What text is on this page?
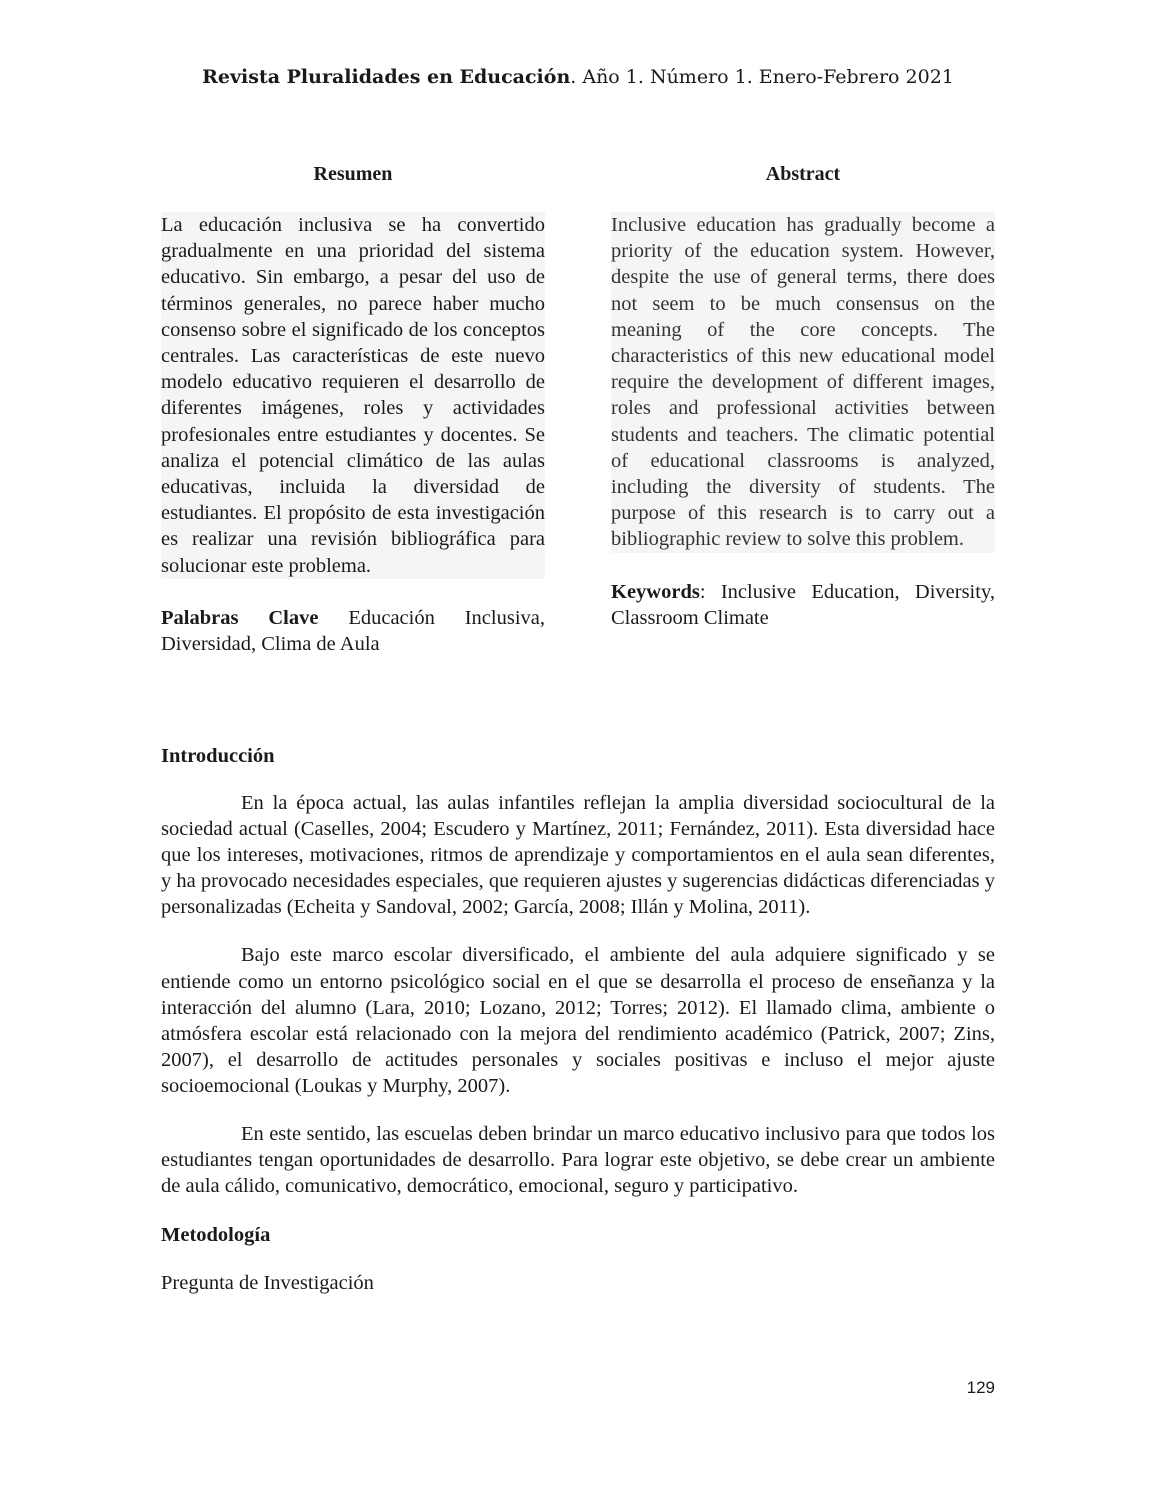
Revista Pluralidades en Educación. Año 1. Número 1. Enero-Febrero 2021
Resumen

La educación inclusiva se ha convertido gradualmente en una prioridad del sistema educativo. Sin embargo, a pesar del uso de términos generales, no parece haber mucho consenso sobre el significado de los conceptos centrales. Las características de este nuevo modelo educativo requieren el desarrollo de diferentes imágenes, roles y actividades profesionales entre estudiantes y docentes. Se analiza el potencial climático de las aulas educativas, incluida la diversidad de estudiantes. El propósito de esta investigación es realizar una revisión bibliográfica para solucionar este problema.

Palabras Clave Educación Inclusiva, Diversidad, Clima de Aula

Abstract

Inclusive education has gradually become a priority of the education system. However, despite the use of general terms, there does not seem to be much consensus on the meaning of the core concepts. The characteristics of this new educational model require the development of different images, roles and professional activities between students and teachers. The climatic potential of educational classrooms is analyzed, including the diversity of students. The purpose of this research is to carry out a bibliographic review to solve this problem.

Keywords: Inclusive Education, Diversity, Classroom Climate

Introducción

En la época actual, las aulas infantiles reflejan la amplia diversidad sociocultural de la sociedad actual (Caselles, 2004; Escudero y Martínez, 2011; Fernández, 2011). Esta diversidad hace que los intereses, motivaciones, ritmos de aprendizaje y comportamientos en el aula sean diferentes, y ha provocado necesidades especiales, que requieren ajustes y sugerencias didácticas diferenciadas y personalizadas (Echeita y Sandoval, 2002; García, 2008; Illán y Molina, 2011).

Bajo este marco escolar diversificado, el ambiente del aula adquiere significado y se entiende como un entorno psicológico social en el que se desarrolla el proceso de enseñanza y la interacción del alumno (Lara, 2010; Lozano, 2012; Torres; 2012). El llamado clima, ambiente o atmósfera escolar está relacionado con la mejora del rendimiento académico (Patrick, 2007; Zins, 2007), el desarrollo de actitudes personales y sociales positivas e incluso el mejor ajuste socioemocional (Loukas y Murphy, 2007).

En este sentido, las escuelas deben brindar un marco educativo inclusivo para que todos los estudiantes tengan oportunidades de desarrollo. Para lograr este objetivo, se debe crear un ambiente de aula cálido, comunicativo, democrático, emocional, seguro y participativo.

Metodología
Pregunta de Investigación
129
